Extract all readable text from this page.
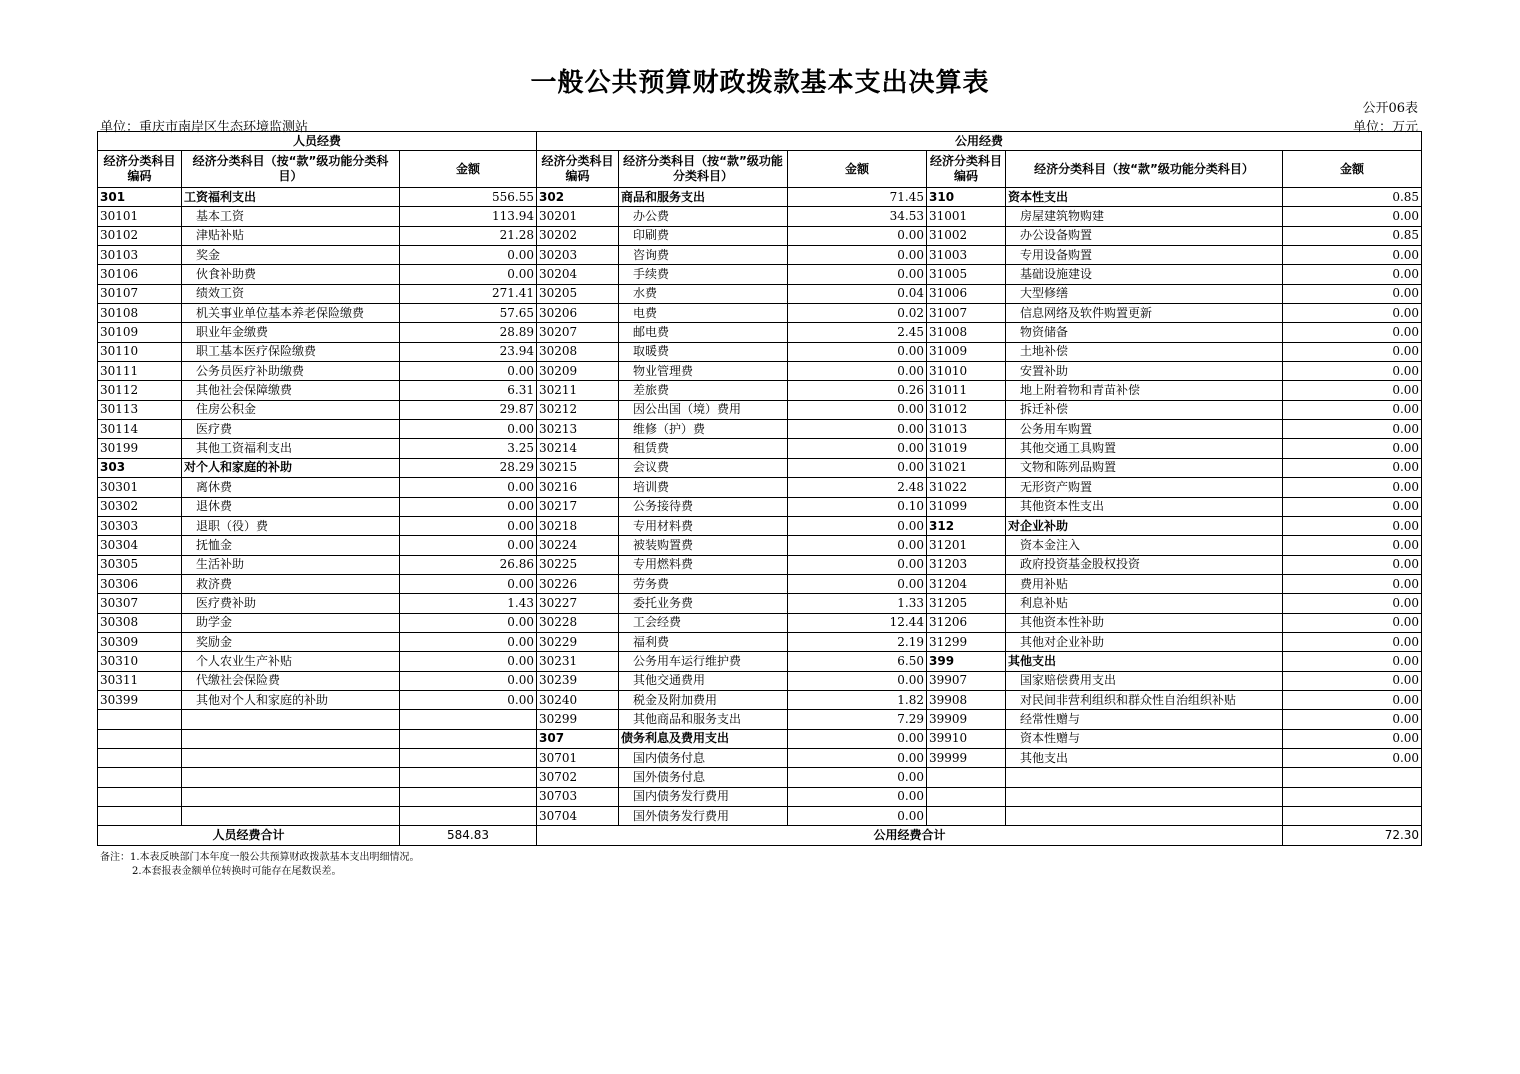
一般公共预算财政拨款基本支出决算表
公开06表
单位：重庆市南岸区生态环境监测站	单位：万元
人员经费			公用经费					
经济分类科目编码	经济分类科目（按“款”级功能分类科目）	金额	经济分类科目编码	经济分类科目（按“款”级功能分类科目）	金额	经济分类科目编码	经济分类科目（按“款”级功能分类科目）	金额
301	工资福利支出	556.55	302	商品和服务支出	71.45	310	资本性支出	0.85
30101	基本工资	113.94	30201	办公费	34.53	31001	房屋建筑物购建	0.00
30102	津贴补贴	21.28	30202	印刷费	0.00	31002	办公设备购置	0.85
30103	奖金	0.00	30203	咨询费	0.00	31003	专用设备购置	0.00
30106	伙食补助费	0.00	30204	手续费	0.00	31005	基础设施建设	0.00
30107	绩效工资	271.41	30205	水费	0.04	31006	大型修缮	0.00
30108	机关事业单位基本养老保险缴费	57.65	30206	电费	0.02	31007	信息网络及软件购置更新	0.00
30109	职业年金缴费	28.89	30207	邮电费	2.45	31008	物资储备	0.00
30110	职工基本医疗保险缴费	23.94	30208	取暖费	0.00	31009	土地补偿	0.00
30111	公务员医疗补助缴费	0.00	30209	物业管理费	0.00	31010	安置补助	0.00
30112	其他社会保障缴费	6.31	30211	差旅费	0.26	31011	地上附着物和青苗补偿	0.00
30113	住房公积金	29.87	30212	因公出国（境）费用	0.00	31012	拆迁补偿	0.00
30114	医疗费	0.00	30213	维修（护）费	0.00	31013	公务用车购置	0.00
30199	其他工资福利支出	3.25	30214	租赁费	0.00	31019	其他交通工具购置	0.00
303	对个人和家庭的补助	28.29	30215	会议费	0.00	31021	文物和陈列品购置	0.00
30301	离休费	0.00	30216	培训费	2.48	31022	无形资产购置	0.00
30302	退休费	0.00	30217	公务接待费	0.10	31099	其他资本性支出	0.00
30303	退职（役）费	0.00	30218	专用材料费	0.00	312	对企业补助	0.00
30304	抚恤金	0.00	30224	被装购置费	0.00	31201	资本金注入	0.00
30305	生活补助	26.86	30225	专用燃料费	0.00	31203	政府投资基金股权投资	0.00
30306	救济费	0.00	30226	劳务费	0.00	31204	费用补贴	0.00
30307	医疗费补助	1.43	30227	委托业务费	1.33	31205	利息补贴	0.00
30308	助学金	0.00	30228	工会经费	12.44	31206	其他资本性补助	0.00
30309	奖励金	0.00	30229	福利费	2.19	31299	其他对企业补助	0.00
30310	个人农业生产补贴	0.00	30231	公务用车运行维护费	6.50	399	其他支出	0.00
30311	代缴社会保险费	0.00	30239	其他交通费用	0.00	39907	国家赔偿费用支出	0.00
30399	其他对个人和家庭的补助	0.00	30240	税金及附加费用	1.82	39908	对民间非营利组织和群众性自治组织补贴	0.00
			30299	其他商品和服务支出	7.29	39909	经常性赠与	0.00
			307	债务利息及费用支出	0.00	39910	资本性赠与	0.00
			30701	国内债务付息	0.00	39999	其他支出	0.00
			30702	国外债务付息	0.00			
			30703	国内债务发行费用	0.00			
			30704	国外债务发行费用	0.00			
人员经费合计		584.83	公用经费合计					72.30
备注：1.本表反映部门本年度一般公共预算财政拨款基本支出明细情况。
2.本套报表金额单位转换时可能存在尾数误差。
